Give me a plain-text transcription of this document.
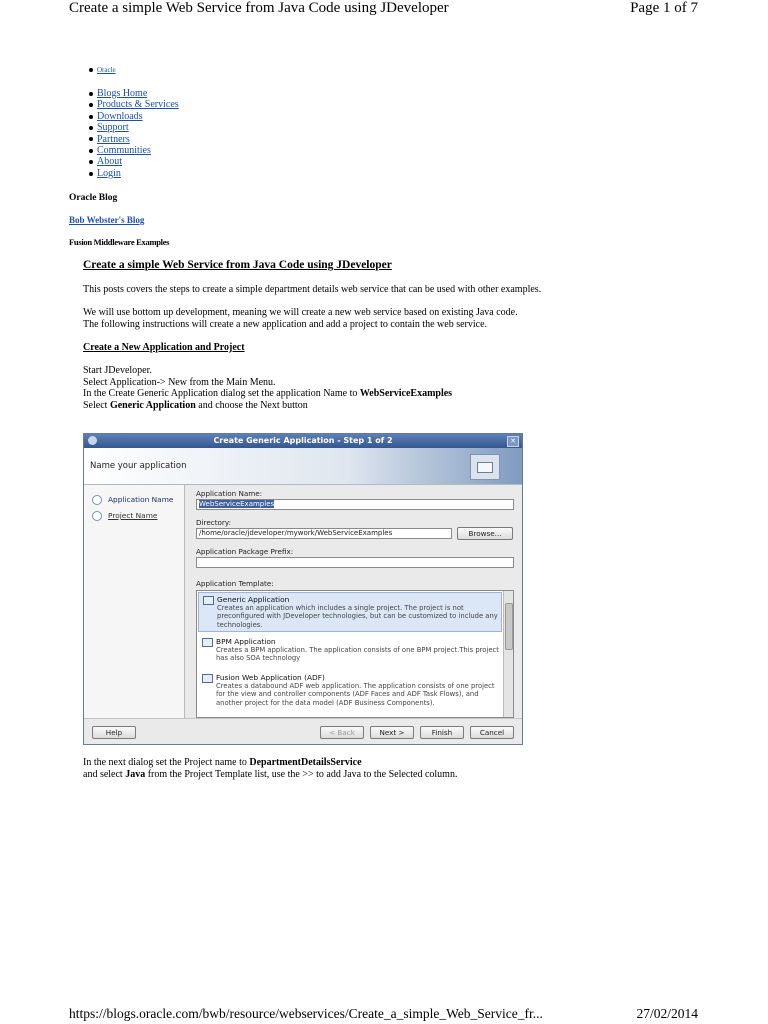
Create a simple Web Service from Java Code using JDeveloper	Page 1 of 7
Oracle
Blogs Home
Products & Services
Downloads
Support
Partners
Communities
About
Login
Oracle Blog
Bob Webster's Blog
Fusion Middleware Examples
Create a simple Web Service from Java Code using JDeveloper
This posts covers the steps to create a simple department details web service that can be used with other examples.
We will use bottom up development, meaning we will create a new web service based on existing Java code.
The following instructions will create a new application and add a project to contain the web service.
Create a New Application and Project
Start JDeveloper.
Select Application-> New from the Main Menu.
In the Create Generic Application dialog set the application Name to WebServiceExamples
Select Generic Application and choose the Next button
Create Generic Application - Step 1 of 2	✕
Name your application
Application Name
Project Name
Application Name:
WebServiceExamples
Directory:
/home/oracle/jdeveloper/mywork/WebServiceExamples	Browse...
Application Package Prefix:
Application Template:
Generic Application
Creates an application which includes a single project. The project is not preconfigured with JDeveloper technologies, but can be customized to include any technologies.
BPM Application
Creates a BPM application. The application consists of one BPM project.This project has also SOA technology
Fusion Web Application (ADF)
Creates a databound ADF web application. The application consists of one project for the view and controller components (ADF Faces and ADF Task Flows), and another project for the data model (ADF Business Components).
Help	< Back	Next >	Finish	Cancel
In the next dialog set the Project name to DepartmentDetailsService
and select Java from the Project Template list, use the >> to add Java to the Selected column.
https://blogs.oracle.com/bwb/resource/webservices/Create_a_simple_Web_Service_fr...	27/02/2014
